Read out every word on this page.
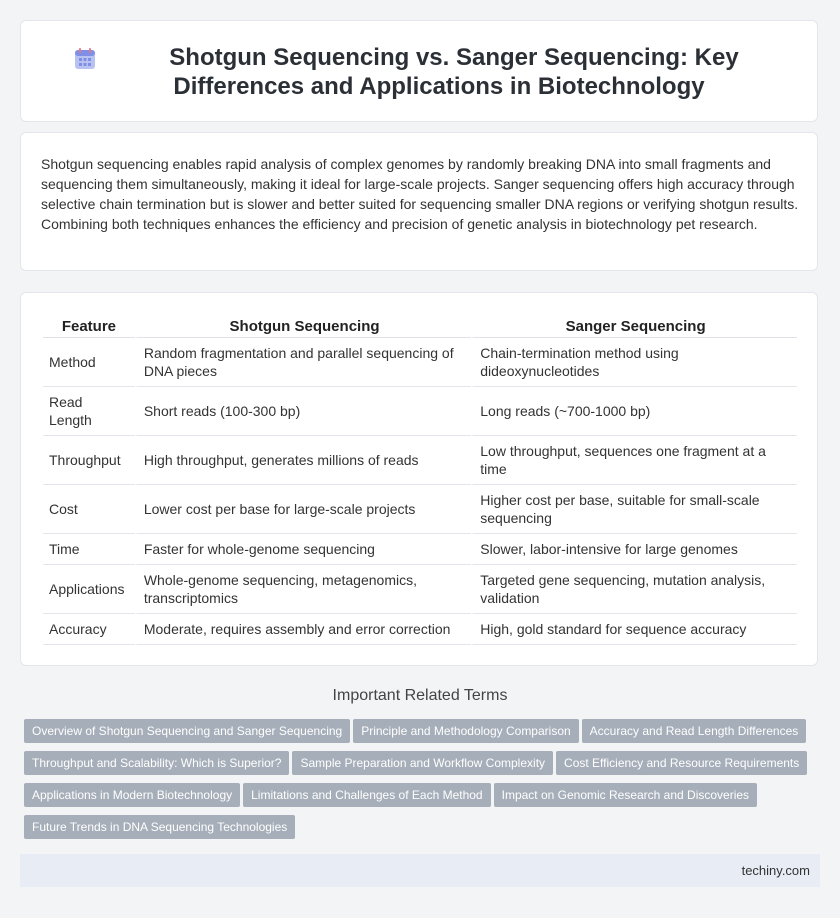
Shotgun Sequencing vs. Sanger Sequencing: Key Differences and Applications in Biotechnology

Shotgun sequencing enables rapid analysis of complex genomes by randomly breaking DNA into small fragments and sequencing them simultaneously, making it ideal for large-scale projects. Sanger sequencing offers high accuracy through selective chain termination but is slower and better suited for sequencing smaller DNA regions or verifying shotgun results. Combining both techniques enhances the efficiency and precision of genetic analysis in biotechnology pet research.

Feature	Shotgun Sequencing	Sanger Sequencing
Method	Random fragmentation and parallel sequencing of DNA pieces	Chain-termination method using dideoxynucleotides
Read Length	Short reads (100-300 bp)	Long reads (~700-1000 bp)
Throughput	High throughput, generates millions of reads	Low throughput, sequences one fragment at a time
Cost	Lower cost per base for large-scale projects	Higher cost per base, suitable for small-scale sequencing
Time	Faster for whole-genome sequencing	Slower, labor-intensive for large genomes
Applications	Whole-genome sequencing, metagenomics, transcriptomics	Targeted gene sequencing, mutation analysis, validation
Accuracy	Moderate, requires assembly and error correction	High, gold standard for sequence accuracy
Important Related Terms
Overview of Shotgun Sequencing and Sanger Sequencing Principle and Methodology Comparison Accuracy and Read Length DifferencesThroughput and Scalability: Which is Superior? Sample Preparation and Workflow Complexity Cost Efficiency and Resource RequirementsApplications in Modern Biotechnology Limitations and Challenges of Each Method Impact on Genomic Research and DiscoveriesFuture Trends in DNA Sequencing Technologies
techiny.com
